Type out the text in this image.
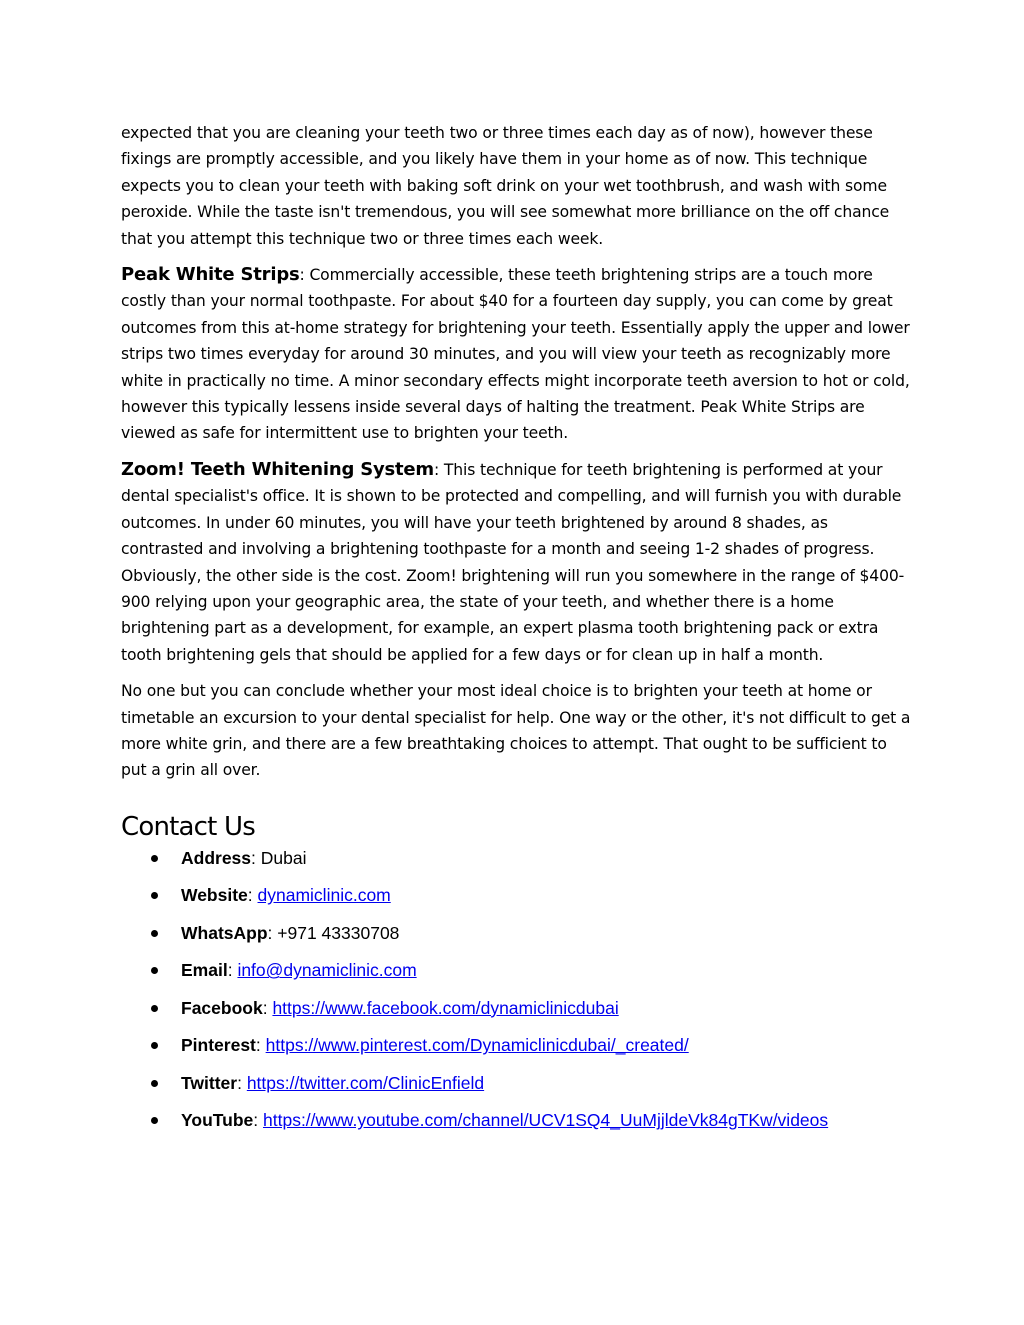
expected that you are cleaning your teeth two or three times each day as of now), however these fixings are promptly accessible, and you likely have them in your home as of now. This technique expects you to clean your teeth with baking soft drink on your wet toothbrush, and wash with some peroxide. While the taste isn't tremendous, you will see somewhat more brilliance on the off chance that you attempt this technique two or three times each week.

Peak White Strips: Commercially accessible, these teeth brightening strips are a touch more costly than your normal toothpaste. For about $40 for a fourteen day supply, you can come by great outcomes from this at-home strategy for brightening your teeth. Essentially apply the upper and lower strips two times everyday for around 30 minutes, and you will view your teeth as recognizably more white in practically no time. A minor secondary effects might incorporate teeth aversion to hot or cold, however this typically lessens inside several days of halting the treatment. Peak White Strips are viewed as safe for intermittent use to brighten your teeth.

Zoom! Teeth Whitening System: This technique for teeth brightening is performed at your dental specialist's office. It is shown to be protected and compelling, and will furnish you with durable outcomes. In under 60 minutes, you will have your teeth brightened by around 8 shades, as contrasted and involving a brightening toothpaste for a month and seeing 1-2 shades of progress. Obviously, the other side is the cost. Zoom! brightening will run you somewhere in the range of $400-900 relying upon your geographic area, the state of your teeth, and whether there is a home brightening part as a development, for example, an expert plasma tooth brightening pack or extra tooth brightening gels that should be applied for a few days or for clean up in half a month.

No one but you can conclude whether your most ideal choice is to brighten your teeth at home or timetable an excursion to your dental specialist for help. One way or the other, it's not difficult to get a more white grin, and there are a few breathtaking choices to attempt. That ought to be sufficient to put a grin all over.

Contact Us
Address: Dubai
Website: dynamiclinic.com
WhatsApp: +971 43330708
Email: info@dynamiclinic.com
Facebook: https://www.facebook.com/dynamiclinicdubai
Pinterest: https://www.pinterest.com/Dynamiclinicdubai/_created/
Twitter: https://twitter.com/ClinicEnfield
YouTube: https://www.youtube.com/channel/UCV1SQ4_UuMjjldeVk84gTKw/videos
